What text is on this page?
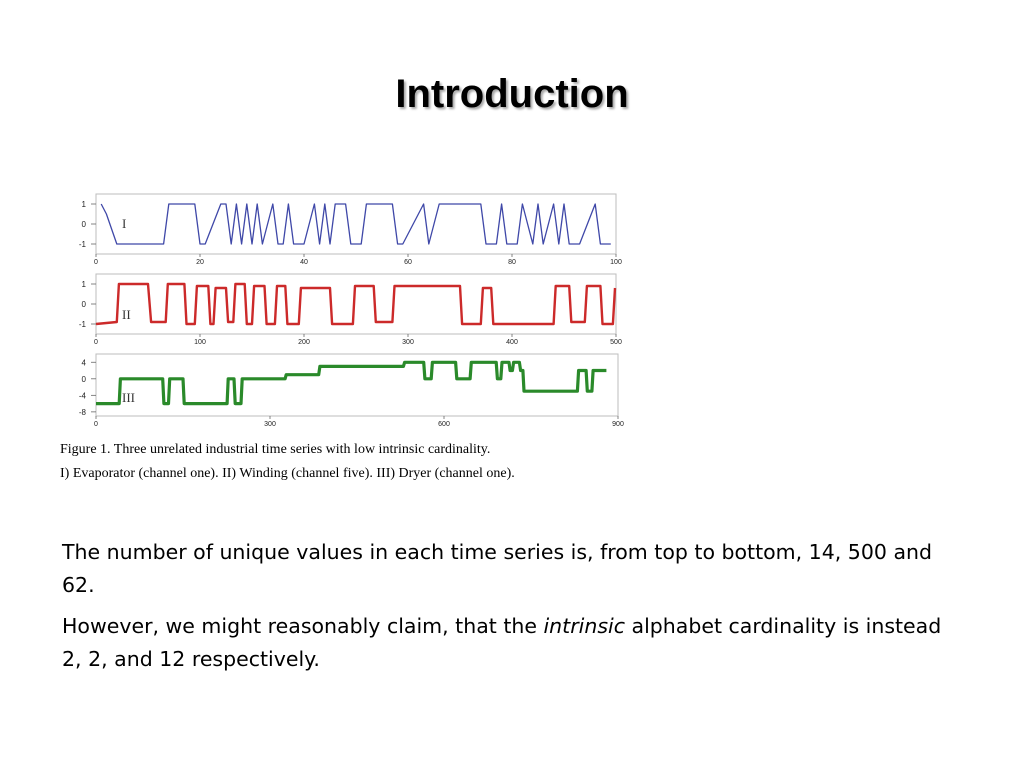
Introduction
1
0
-1
0	20	40	60	80	100
I
1
0
-1
0	100	200	300	400	500
II
4
0
-4
-8
0	300	600	900
III
Figure 1. Three unrelated industrial time series with low intrinsic cardinality.
I) Evaporator (channel one). II) Winding (channel five). III) Dryer (channel one).
The number of unique values in each time series is, from top to bottom, 14, 500 and 62.
However, we might reasonably claim, that the intrinsic alphabet cardinality is instead 2, 2, and 12 respectively.
